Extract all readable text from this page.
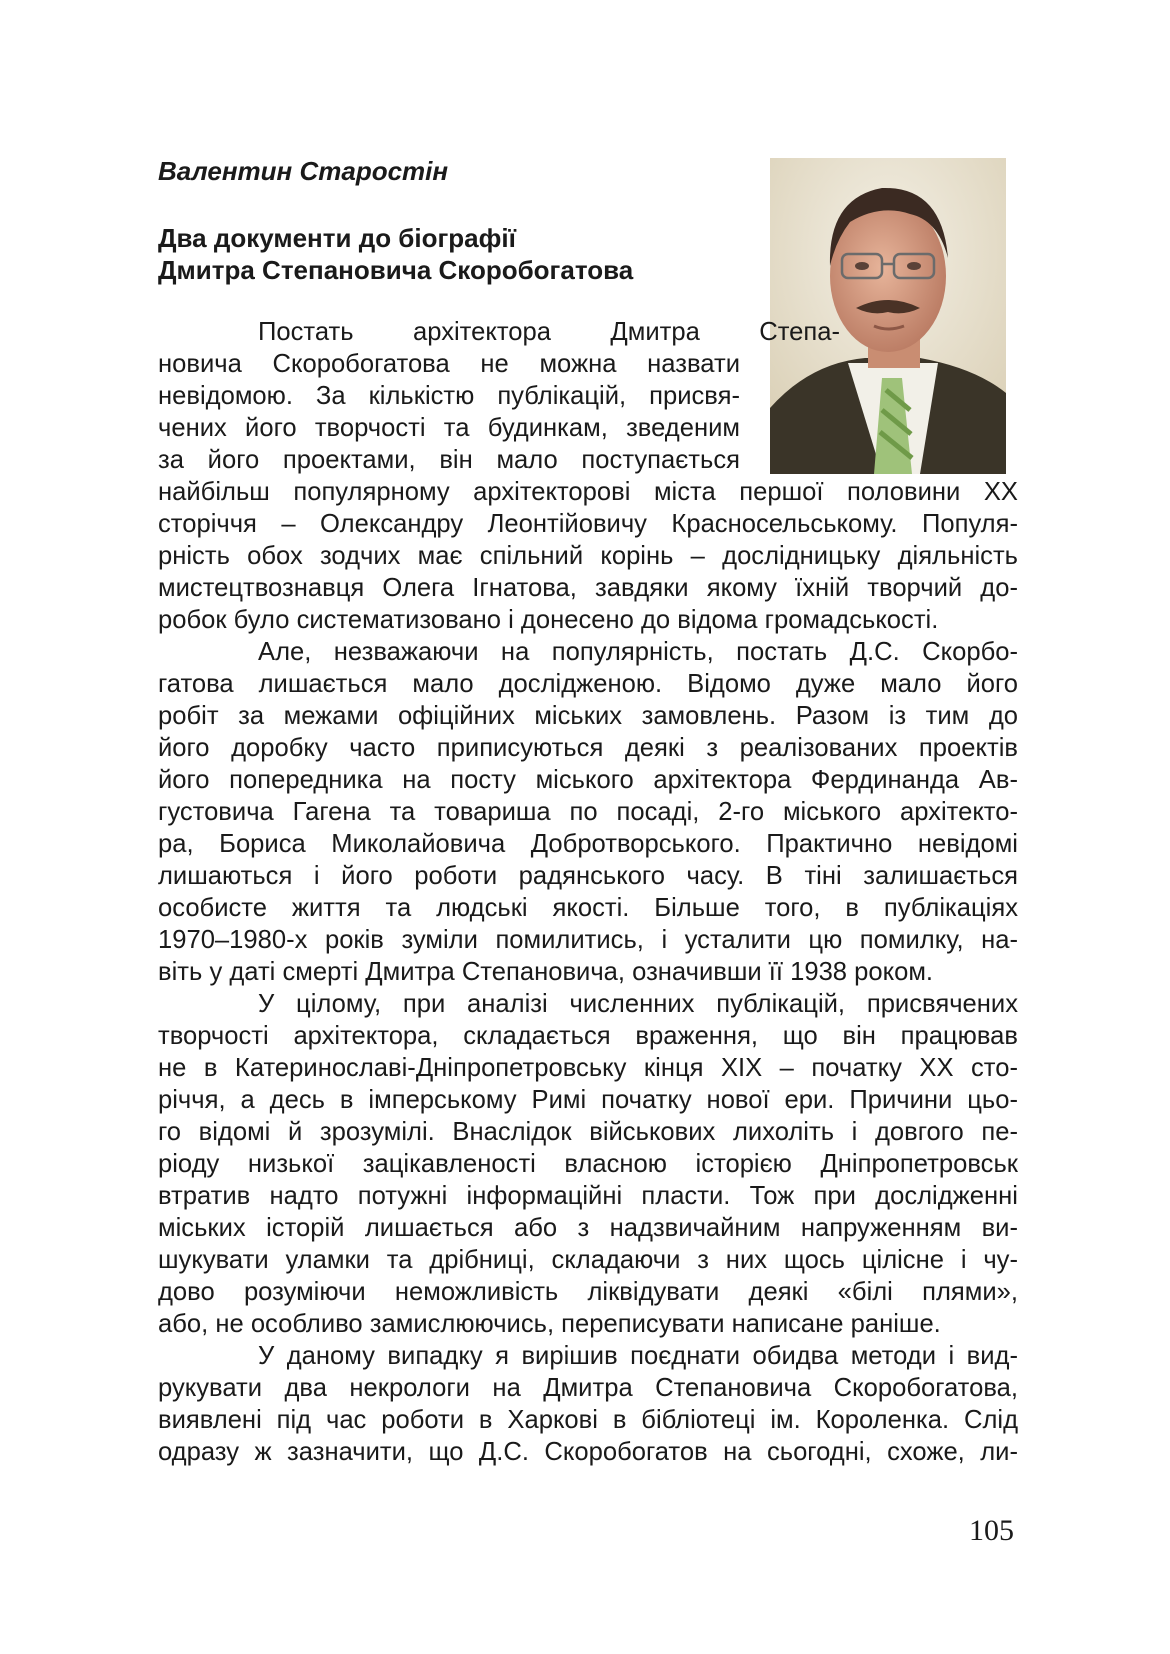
Валентин Старостін
Два документи до біографії
Дмитра Степановича Скоробогатова
Постать архітектора Дмитра Степа-
новича Скоробогатова не можна назвати
невідомою. За кількістю публікацій, присвя-
чених його творчості та будинкам, зведеним
за його проектами, він мало поступається
найбільш популярному архітекторові міста першої половини XX
сторіччя – Олександру Леонтійовичу Красносельському. Популя-
рність обох зодчих має спільний корінь – дослідницьку діяльність
мистецтвознавця Олега Ігнатова, завдяки якому їхній творчий до-
робок було систематизовано і донесено до відома громадськості.
Але, незважаючи на популярність, постать Д.С. Скорбо-
гатова лишається мало дослідженою. Відомо дуже мало його
робіт за межами офіційних міських замовлень. Разом із тим до
його доробку часто приписуються деякі з реалізованих проектів
його попередника на посту міського архітектора Фердинанда Ав-
густовича Гагена та товариша по посаді, 2-го міського архітекто-
ра, Бориса Миколайовича Добротворського. Практично невідомі
лишаються і його роботи радянського часу. В тіні залишається
особисте життя та людські якості. Більше того, в публікаціях
1970–1980-х років зуміли помилитись, і усталити цю помилку, на-
віть у даті смерті Дмитра Степановича, означивши її 1938 роком.
У цілому, при аналізі численних публікацій, присвячених
творчості архітектора, складається враження, що він працював
не в Катеринославі-Дніпропетровську кінця XIX – початку XX сто-
річчя, а десь в імперському Римі початку нової ери. Причини цьо-
го відомі й зрозумілі. Внаслідок військових лихоліть і довгого пе-
ріоду низької зацікавленості власною історією Дніпропетровськ
втратив надто потужні інформаційні пласти. Тож при дослідженні
міських історій лишається або з надзвичайним напруженням ви-
шукувати уламки та дрібниці, складаючи з них щось цілісне і чу-
дово розуміючи неможливість ліквідувати деякі «білі плями»,
або, не особливо замислюючись, переписувати написане раніше.
У даному випадку я вирішив поєднати обидва методи і вид-
рукувати два некрологи на Дмитра Степановича Скоробогатова,
виявлені під час роботи в Харкові в бібліотеці ім. Короленка. Слід
одразу ж зазначити, що Д.С. Скоробогатов на сьогодні, схоже, ли-
105
